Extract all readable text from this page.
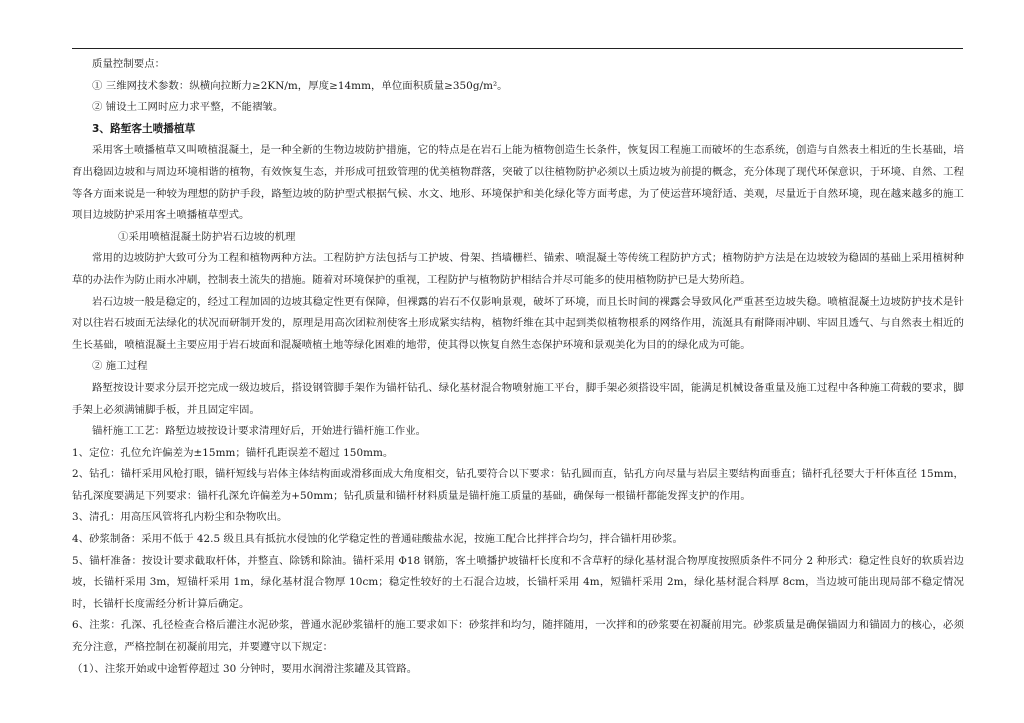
质量控制要点：

① 三维网技术参数：纵横向拉断力≥2KN/m，厚度≥14mm，单位面积质量≥350g/m²。

② 铺设土工网时应力求平整，不能褶皱。

3、路堑客土喷播植草

采用客土喷播植草又叫喷植混凝土，是一种全新的生物边坡防护措施，它的特点是在岩石上能为植物创造生长条件，恢复因工程施工而破坏的生态系统，创造与自然表土相近的生长基础，培育出稳固边坡和与周边环境相谐的植物，有效恢复生态，并形成可扭致管理的优美植物群落，突破了以往植物防护必须以土质边坡为前提的概念，充分体现了现代环保意识，于环境、自然、工程等各方面来说是一种较为理想的防护手段，路堑边坡的防护型式根据气候、水文、地形、环境保护和美化绿化等方面考虑，为了使运营环境舒适、美观，尽量近于自然环境，现在越来越多的施工项目边坡防护采用客土喷播植草型式。

①采用喷植混凝土防护岩石边坡的机理

常用的边坡防护大致可分为工程和植物两种方法。工程防护方法包括与工护坡、骨架、挡墙栅栏、锚索、喷混凝土等传统工程防护方式；植物防护方法是在边坡较为稳固的基础上采用植树种草的办法作为防止雨水冲刷，控制表土流失的措施。随着对环境保护的重视，工程防护与植物防护相结合并尽可能多的使用植物防护已是大势所趋。

岩石边坡一般是稳定的，经过工程加固的边坡其稳定性更有保障，但裸露的岩石不仅影响景观，破坏了环境，而且长时间的裸露会导致风化严重甚至边坡失稳。喷植混凝土边坡防护技术是针对以往岩石坡面无法绿化的状况而研制开发的，原理是用高次团粒剂使客土形成紧实结构，植物纤维在其中起到类似植物根系的网络作用，流涎具有耐降雨冲刷、牢固且透气、与自然表土相近的生长基础，喷植混凝土主要应用于岩石坡面和混凝喷植土地等绿化困难的地带，使其得以恢复自然生态保护环境和景观美化为目的的绿化成为可能。

② 施工过程

路堑按设计要求分层开挖完成一级边坡后，搭设钢管脚手架作为锚杆钻孔、绿化基材混合物喷射施工平台，脚手架必须搭设牢固，能满足机械设备重量及施工过程中各种施工荷载的要求，脚手架上必须满铺脚手板，并且固定牢固。

锚杆施工工艺：路堑边坡按设计要求清理好后，开始进行锚杆施工作业。

1、定位：孔位允许偏差为±15mm；锚杆孔距误差不超过 150mm。

2、钻孔：锚杆采用风枪打眼，锚杆短线与岩体主体结构面或滑移面成大角度相交，钻孔要符合以下要求：钻孔圆而直，钻孔方向尽量与岩层主要结构面垂直；锚杆孔径要大于杆体直径 15mm，钻孔深度要满足下列要求：锚杆孔深允许偏差为+50mm；钻孔质量和锚杆材料质量是锚杆施工质量的基础，确保每一根锚杆都能发挥支护的作用。

3、清孔：用高压风管将孔内粉尘和杂物吹出。

4、砂浆制备：采用不低于 42.5 级且具有抵抗水侵蚀的化学稳定性的普通硅酸盐水泥，按施工配合比拌拌合均匀，拌合锚杆用砂浆。

5、锚杆准备：按设计要求截取杆体，并整直、除锈和除油。锚杆采用 Φ18 钢筋，客土喷播护坡锚杆长度和不含草籽的绿化基材混合物厚度按照质条件不同分 2 种形式：稳定性良好的软质岩边坡，长锚杆采用 3m，短锚杆采用 1m，绿化基材混合物厚 10cm；稳定性较好的土石混合边坡，长锚杆采用 4m，短锚杆采用 2m，绿化基材混合料厚 8cm，当边坡可能出现局部不稳定情况时，长锚杆长度需经分析计算后确定。

6、注浆：孔深、孔径检查合格后灌注水泥砂浆，普通水泥砂浆锚杆的施工要求如下：砂浆拌和均匀，随拌随用，一次拌和的砂浆要在初凝前用完。砂浆质量是确保锚固力和锚固力的核心，必须充分注意，严格控制在初凝前用完，并要遵守以下规定：

（1）、注浆开始或中途暂停超过 30 分钟时，要用水润滑注浆罐及其管路。
